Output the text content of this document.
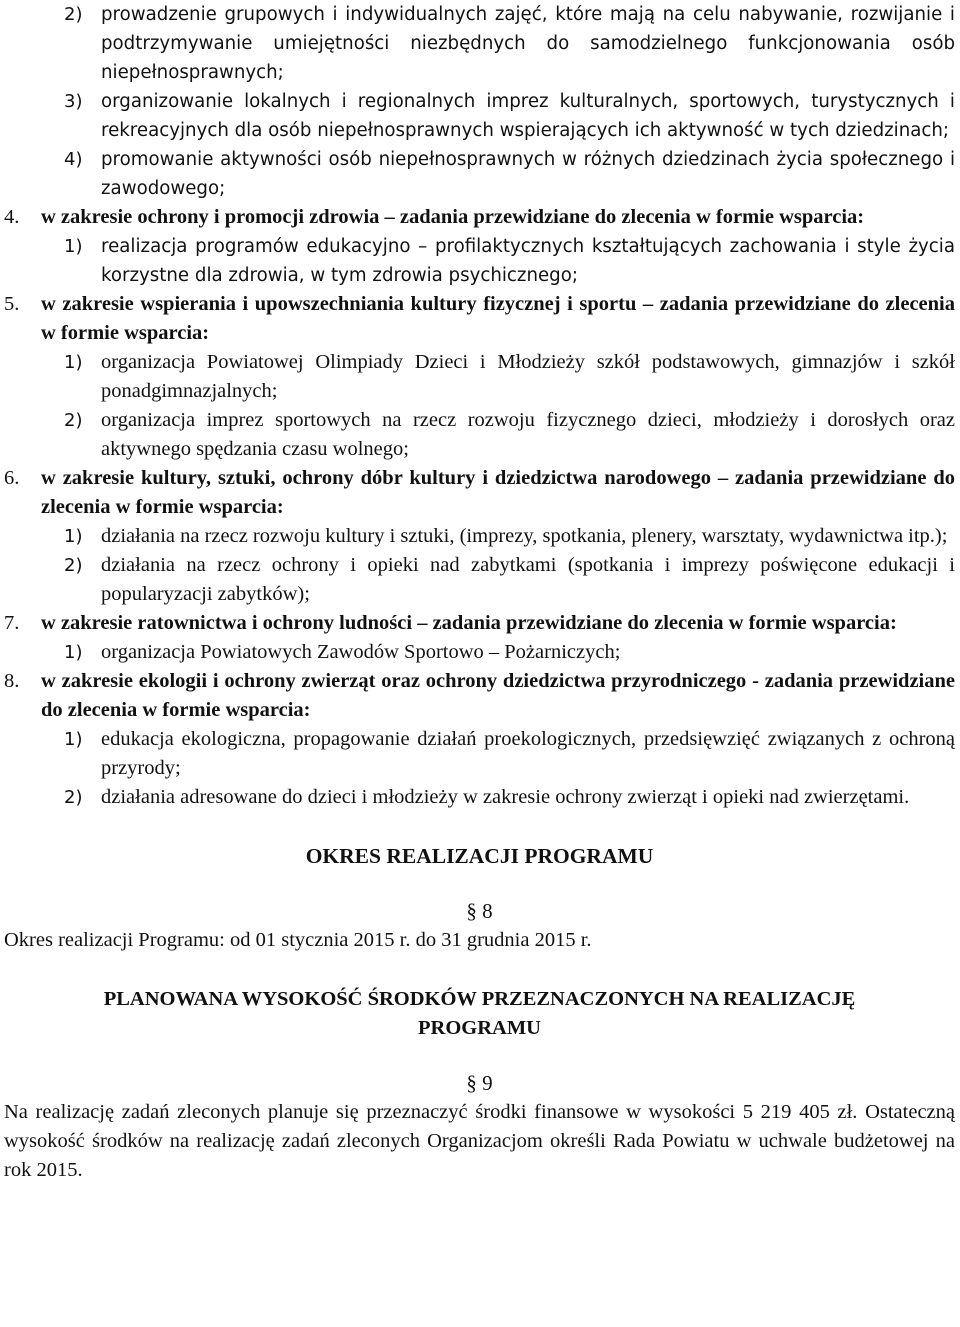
2)	prowadzenie grupowych i indywidualnych zajęć, które mają na celu nabywanie, rozwijanie i podtrzymywanie umiejętności niezbędnych do samodzielnego funkcjonowania osób niepełnosprawnych;
3)	organizowanie lokalnych i regionalnych imprez kulturalnych, sportowych, turystycznych i rekreacyjnych dla osób niepełnosprawnych wspierających ich aktywność w tych dziedzinach;
4)	promowanie aktywności osób niepełnosprawnych w różnych dziedzinach życia społecznego i zawodowego;
4.	w zakresie ochrony i promocji zdrowia – zadania przewidziane do zlecenia w formie wsparcia:
1)	realizacja programów edukacyjno – profilaktycznych kształtujących zachowania i style życia korzystne dla zdrowia, w tym zdrowia psychicznego;
5.	w zakresie wspierania i upowszechniania kultury fizycznej i sportu – zadania przewidziane do zlecenia w formie wsparcia:
1) organizacja Powiatowej Olimpiady Dzieci i Młodzieży szkół podstawowych, gimnazjów i szkół ponadgimnazjalnych;
2) organizacja imprez sportowych na rzecz rozwoju fizycznego dzieci, młodzieży i dorosłych oraz aktywnego spędzania czasu wolnego;
6.	w zakresie kultury, sztuki, ochrony dóbr kultury i dziedzictwa narodowego – zadania przewidziane do zlecenia w formie wsparcia:
1) działania na rzecz rozwoju kultury i sztuki, (imprezy, spotkania, plenery, warsztaty, wydawnictwa itp.);
2) działania na rzecz ochrony i opieki nad zabytkami (spotkania i imprezy poświęcone edukacji i popularyzacji zabytków);
7.	w zakresie ratownictwa i ochrony ludności – zadania przewidziane do zlecenia w formie wsparcia:
1) organizacja Powiatowych Zawodów Sportowo – Pożarniczych;
8.	w zakresie ekologii i ochrony zwierząt oraz ochrony dziedzictwa przyrodniczego - zadania przewidziane do zlecenia w formie wsparcia:
1) edukacja ekologiczna, propagowanie działań proekologicznych, przedsięwzięć związanych z ochroną przyrody;
2) działania adresowane do dzieci i młodzieży w zakresie ochrony zwierząt i opieki nad zwierzętami.
OKRES REALIZACJI PROGRAMU
§ 8
Okres realizacji Programu: od 01 stycznia 2015 r. do 31 grudnia 2015 r.
PLANOWANA WYSOKOŚĆ ŚRODKÓW PRZEZNACZONYCH NA REALIZACJĘ PROGRAMU
§ 9
Na realizację zadań zleconych planuje się przeznaczyć środki finansowe w wysokości 5 219 405 zł. Ostateczną wysokość środków na realizację zadań zleconych Organizacjom określi Rada Powiatu w uchwale budżetowej na rok 2015.
